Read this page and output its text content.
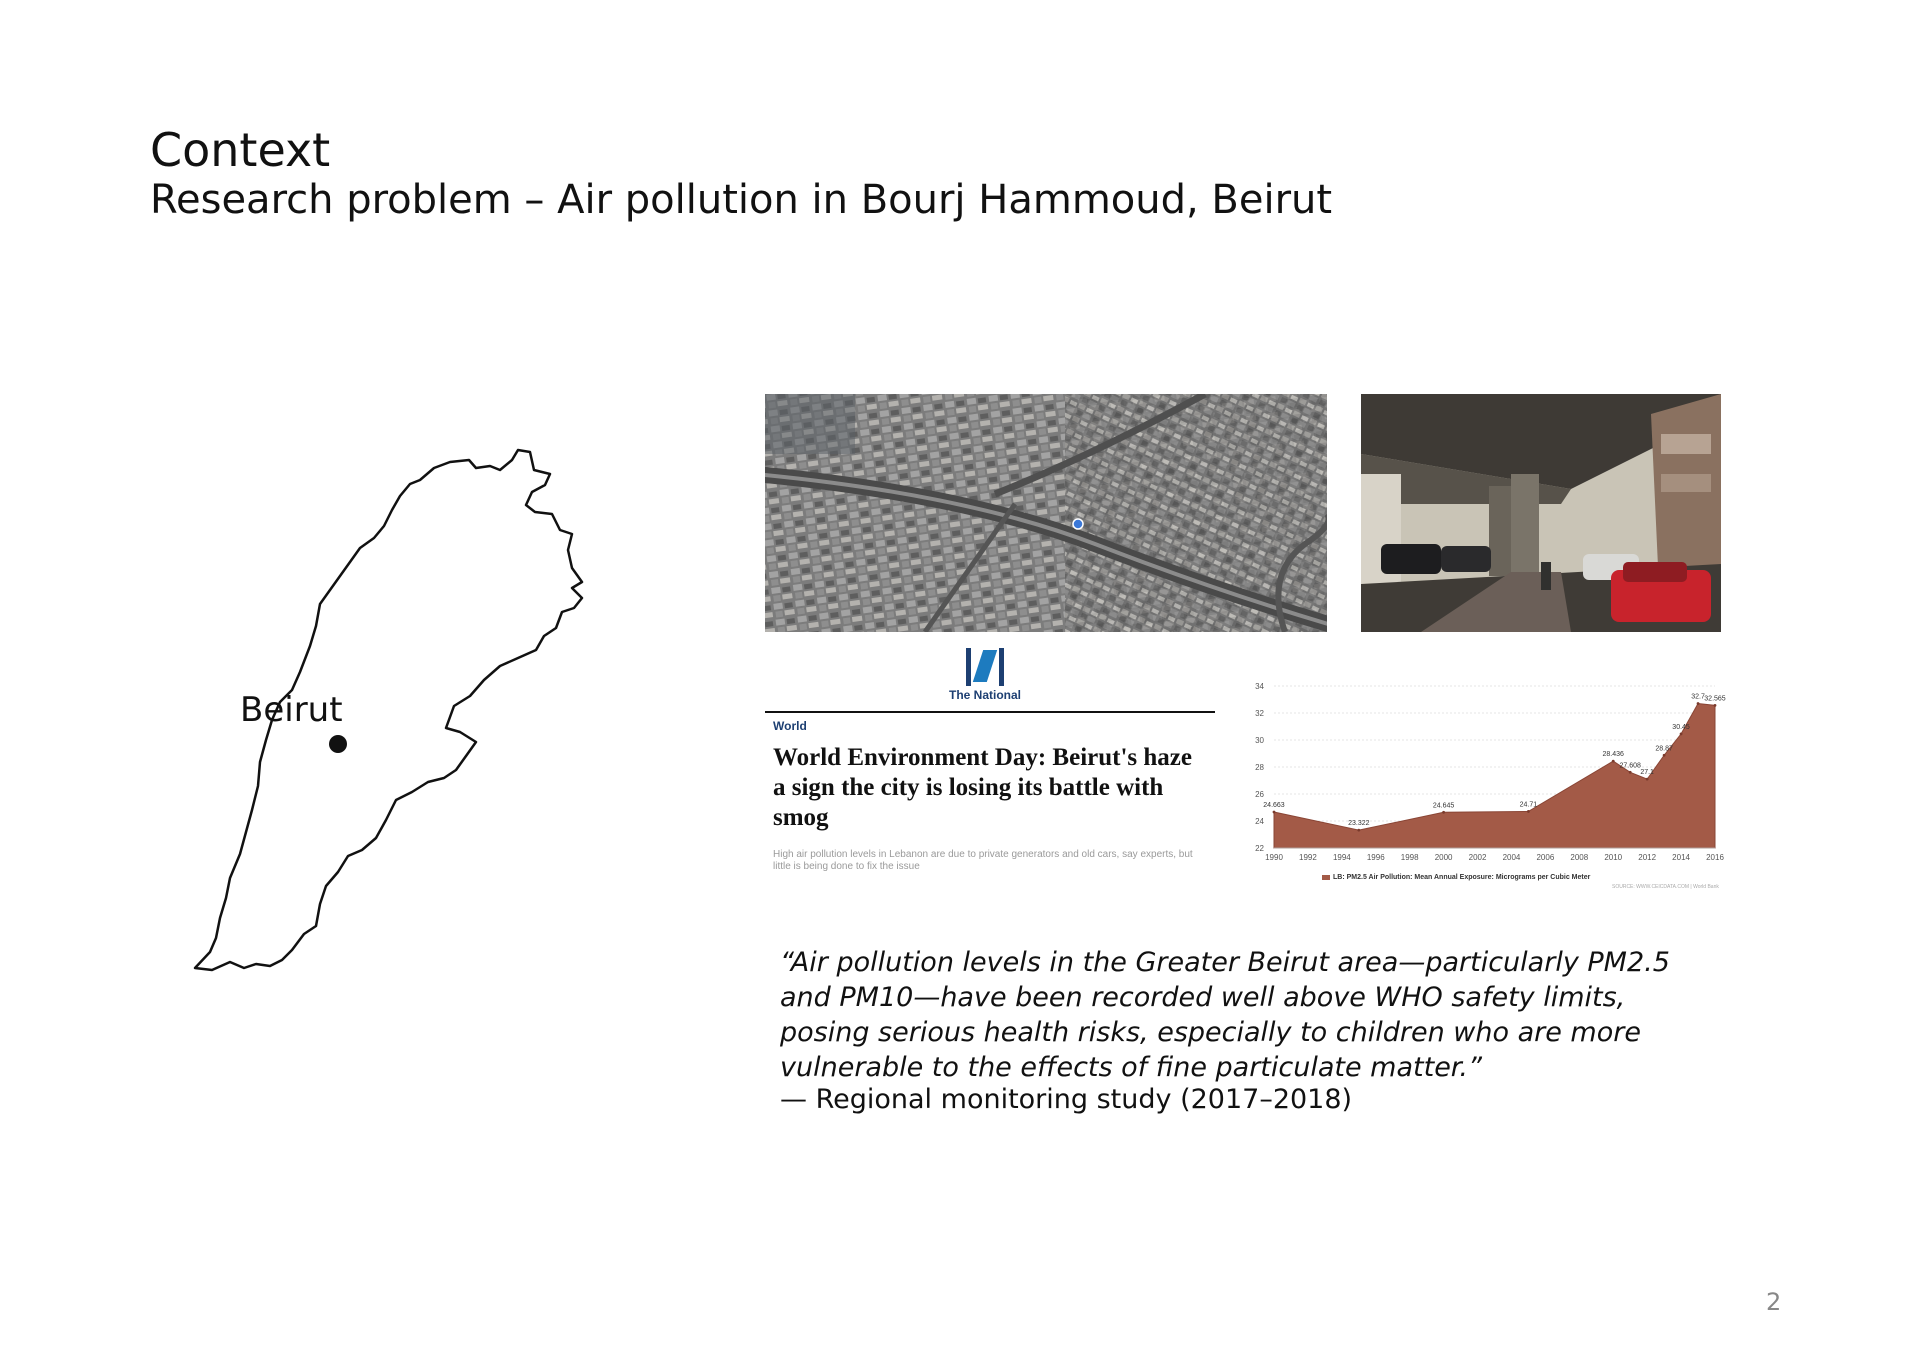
Context
Research problem – Air pollution in Bourj Hammoud, Beirut
Beirut	The National
World
World Environment Day: Beirut's haze a sign the city is losing its battle with smog
High air pollution levels in Lebanon are due to private generators and old cars, say experts, but little is being done to fix the issue
22
24
26
28
30
32
34
24.663
23.322
24.645	24.71
28.436
27.608
27.1
28.87
30.45
32.7 32.565
1990 1992 1994 1996 1998 2000 2002 2004 2006 2008 2010 2012 2014 2016
LB: PM2.5 Air Pollution: Mean Annual Exposure: Micrograms per Cubic Meter
SOURCE: WWW.CEICDATA.COM | World Bank
“Air pollution levels in the Greater Beirut area—particularly PM2.5 and PM10—have been recorded well above WHO safety limits, posing serious health risks, especially to children who are more vulnerable to the effects of fine particulate matter.”
— Regional monitoring study (2017–2018)
2
